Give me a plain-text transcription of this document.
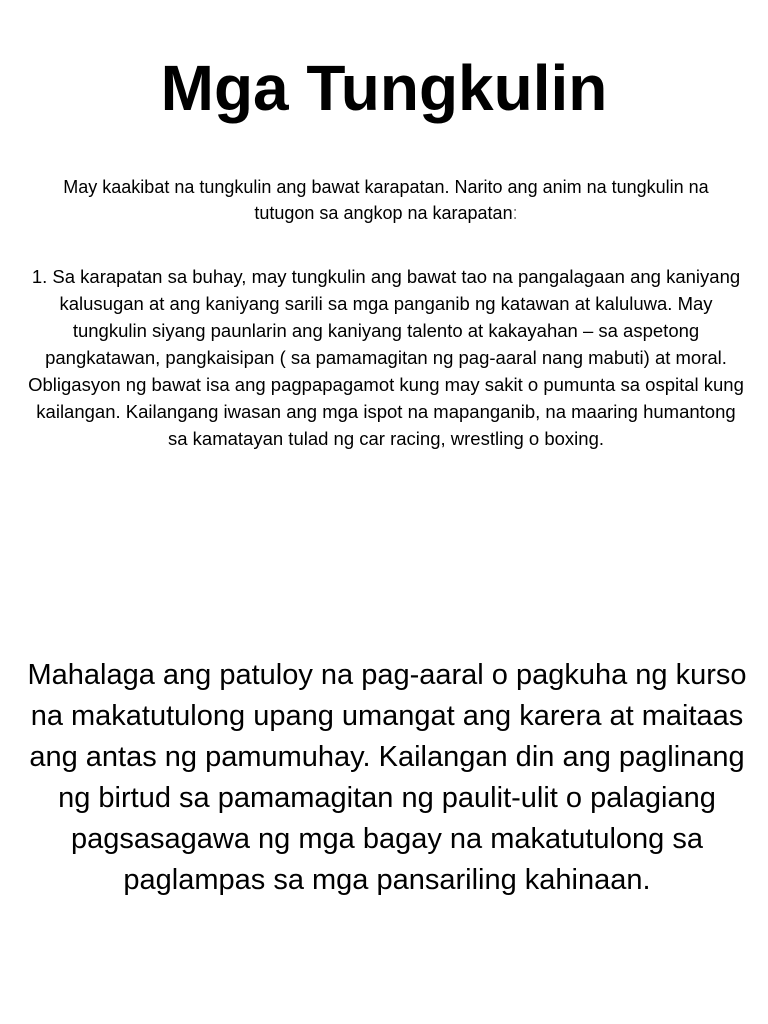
Mga Tungkulin

May kaakibat na tungkulin ang bawat karapatan. Narito ang anim na tungkulin na tutugon sa angkop na karapatan:

1. Sa karapatan sa buhay, may tungkulin ang bawat tao na pangalagaan ang kaniyang kalusugan at ang kaniyang sarili sa mga panganib ng katawan at kaluluwa. May tungkulin siyang paunlarin ang kaniyang talento at kakayahan – sa aspetong pangkatawan, pangkaisipan ( sa pamamagitan ng pag-aaral nang mabuti) at moral. Obligasyon ng bawat isa ang pagpapagamot kung may sakit o pumunta sa ospital kung kailangan. Kailangang iwasan ang mga ispot na mapanganib, na maaring humantong sa kamatayan tulad ng car racing, wrestling o boxing.

Mahalaga ang patuloy na pag-aaral o pagkuha ng kurso na makatutulong upang umangat ang karera at maitaas ang antas ng pamumuhay. Kailangan din ang paglinang ng birtud sa pamamagitan ng paulit-ulit o palagiang pagsasagawa ng mga bagay na makatutulong sa paglampas sa mga pansariling kahinaan.
